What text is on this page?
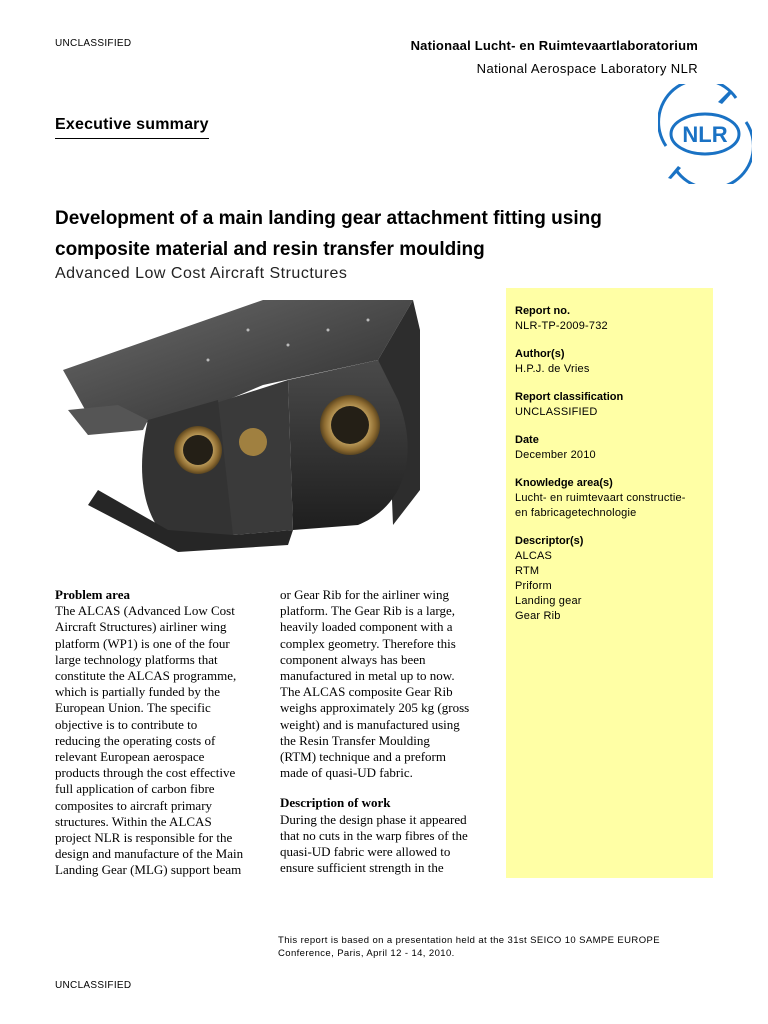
UNCLASSIFIED	Nationaal Lucht- en Ruimtevaartlaboratorium
National Aerospace Laboratory NLR
NLR
Executive summary
Development of a main landing gear attachment fitting using
composite material and resin transfer moulding
Advanced Low Cost Aircraft Structures
Report no.
NLR-TP-2009-732
Author(s)
H.P.J. de Vries
Report classification
UNCLASSIFIED
Date
December 2010
Knowledge area(s)
Lucht- en ruimtevaart constructie-
en fabricagetechnologie
Descriptor(s)
ALCAS
RTM
Priform
Landing gear
Gear Rib
Problem area
The ALCAS (Advanced Low Cost
Aircraft Structures) airliner wing
platform (WP1) is one of the four
large technology platforms that
constitute the ALCAS programme,
which is partially funded by the
European Union. The specific
objective is to contribute to
reducing the operating costs of
relevant European aerospace
products through the cost effective
full application of carbon fibre
composites to aircraft primary
structures. Within the ALCAS
project NLR is responsible for the
design and manufacture of the Main
Landing Gear (MLG) support beam
or Gear Rib for the airliner wing
platform. The Gear Rib is a large,
heavily loaded component with a
complex geometry. Therefore this
component always has been
manufactured in metal up to now.
The ALCAS composite Gear Rib
weighs approximately 205 kg (gross
weight) and is manufactured using
the Resin Transfer Moulding
(RTM) technique and a preform
made of quasi-UD fabric.
Description of work
During the design phase it appeared
that no cuts in the warp fibres of the
quasi-UD fabric were allowed to
ensure sufficient strength in the
This report is based on a presentation held at the 31st SEICO 10 SAMPE EUROPE
Conference, Paris, April 12 - 14, 2010.
UNCLASSIFIED
